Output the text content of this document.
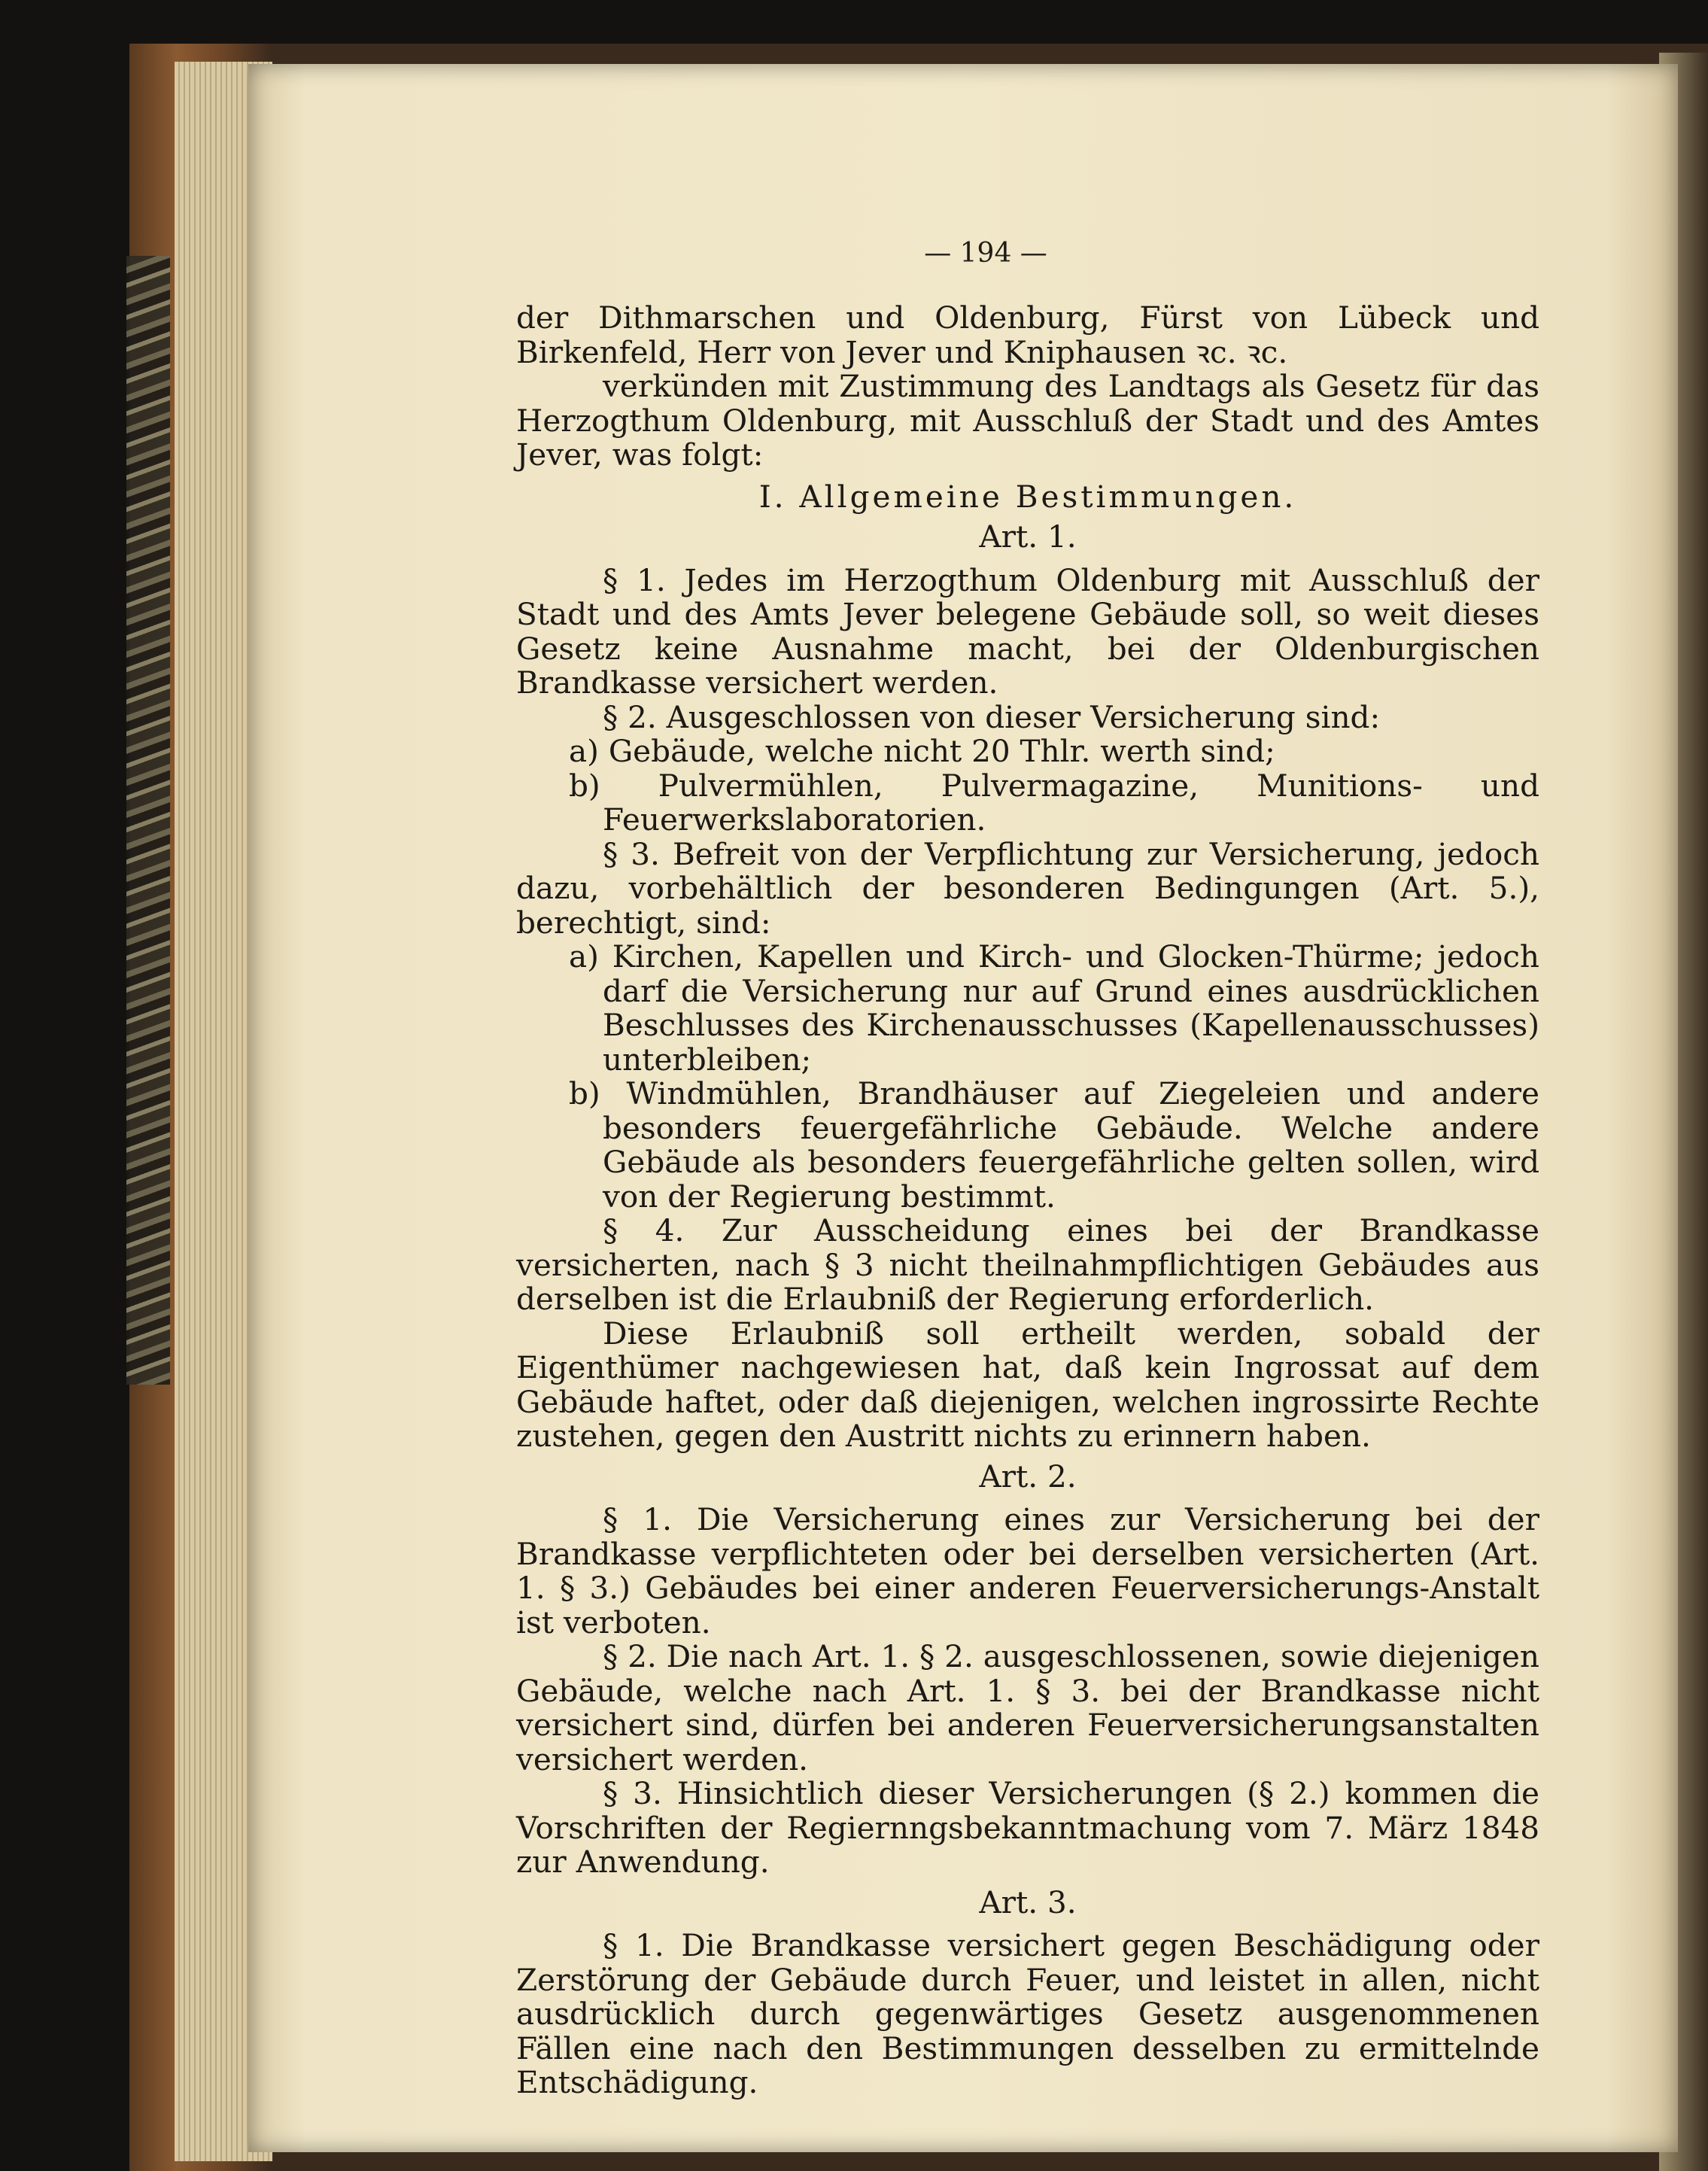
— 194 —

der Dithmarschen und Oldenburg, Fürst von Lübeck und Birkenfeld, Herr von Jever und Kniphausen ꝛc. ꝛc.

verkünden mit Zustimmung des Landtags als Gesetz für das Herzogthum Oldenburg, mit Ausschluß der Stadt und des Amtes Jever, was folgt:

I. Allgemeine Bestimmungen.

Art. 1.

§ 1. Jedes im Herzogthum Oldenburg mit Ausschluß der Stadt und des Amts Jever belegene Gebäude soll, so weit dieses Gesetz keine Ausnahme macht, bei der Oldenburgischen Brandkasse versichert werden.

§ 2. Ausgeschlossen von dieser Versicherung sind:

a) Gebäude, welche nicht 20 Thlr. werth sind;

b) Pulvermühlen, Pulvermagazine, Munitions- und Feuerwerkslaboratorien.

§ 3. Befreit von der Verpflichtung zur Versicherung, jedoch dazu, vorbehältlich der besonderen Bedingungen (Art. 5.), berechtigt, sind:

a) Kirchen, Kapellen und Kirch- und Glocken-Thürme; jedoch darf die Versicherung nur auf Grund eines ausdrücklichen Beschlusses des Kirchenausschusses (Kapellenausschusses) unterbleiben;

b) Windmühlen, Brandhäuser auf Ziegeleien und andere besonders feuergefährliche Gebäude. Welche andere Gebäude als besonders feuergefährliche gelten sollen, wird von der Regierung bestimmt.

§ 4. Zur Ausscheidung eines bei der Brandkasse versicherten, nach § 3 nicht theilnahmpflichtigen Gebäudes aus derselben ist die Erlaubniß der Regierung erforderlich.

Diese Erlaubniß soll ertheilt werden, sobald der Eigenthümer nachgewiesen hat, daß kein Ingrossat auf dem Gebäude haftet, oder daß diejenigen, welchen ingrossirte Rechte zustehen, gegen den Austritt nichts zu erinnern haben.

Art. 2.

§ 1. Die Versicherung eines zur Versicherung bei der Brandkasse verpflichteten oder bei derselben versicherten (Art. 1. § 3.) Gebäudes bei einer anderen Feuerversicherungs-Anstalt ist verboten.

§ 2. Die nach Art. 1. § 2. ausgeschlossenen, sowie diejenigen Gebäude, welche nach Art. 1. § 3. bei der Brandkasse nicht versichert sind, dürfen bei anderen Feuerversicherungsanstalten versichert werden.

§ 3. Hinsichtlich dieser Versicherungen (§ 2.) kommen die Vorschriften der Regiernngsbekanntmachung vom 7. März 1848 zur Anwendung.

Art. 3.

§ 1. Die Brandkasse versichert gegen Beschädigung oder Zerstörung der Gebäude durch Feuer, und leistet in allen, nicht ausdrücklich durch gegenwärtiges Gesetz ausgenommenen Fällen eine nach den Bestimmungen desselben zu ermittelnde Entschädigung.
